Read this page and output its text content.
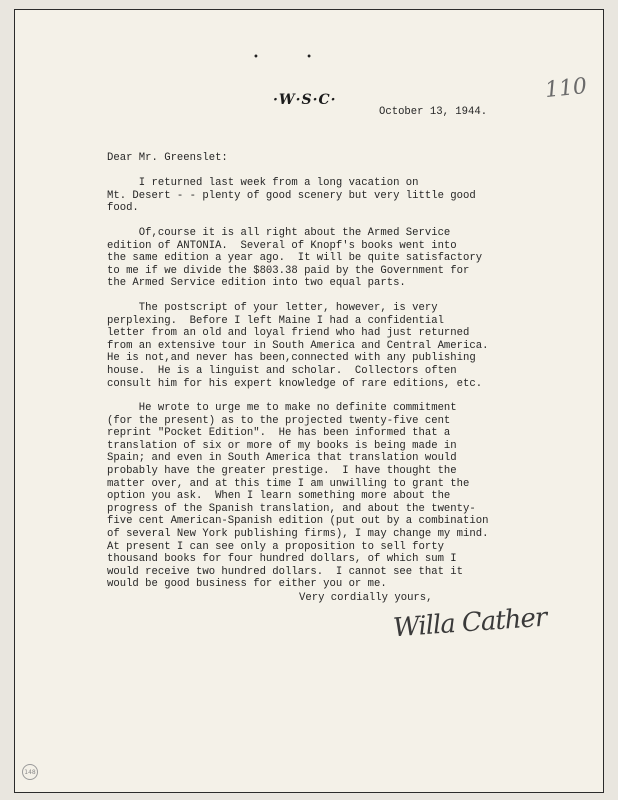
• •
·W·S·C·	110
October 13, 1944.
Dear Mr. Greenslet:
I returned last week from a long vacation on
Mt. Desert - - plenty of good scenery but very little good
food.
Of,course it is all right about the Armed Service
edition of ANTONIA.  Several of Knopf's books went into
the same edition a year ago.  It will be quite satisfactory
to me if we divide the $803.38 paid by the Government for
the Armed Service edition into two equal parts.
The postscript of your letter, however, is very
perplexing.  Before I left Maine I had a confidential
letter from an old and loyal friend who had just returned
from an extensive tour in South America and Central America.
He is not,and never has been,connected with any publishing
house.  He is a linguist and scholar.  Collectors often
consult him for his expert knowledge of rare editions, etc.
He wrote to urge me to make no definite commitment
(for the present) as to the projected twenty-five cent
reprint "Pocket Edition".  He has been informed that a
translation of six or more of my books is being made in
Spain; and even in South America that translation would
probably have the greater prestige.  I have thought the
matter over, and at this time I am unwilling to grant the
option you ask.  When I learn something more about the
progress of the Spanish translation, and about the twenty-
five cent American-Spanish edition (put out by a combination
of several New York publishing firms), I may change my mind.
At present I can see only a proposition to sell forty
thousand books for four hundred dollars, of which sum I
would receive two hundred dollars.  I cannot see that it
would be good business for either you or me.
Very cordially yours,
Willa Cather
148
